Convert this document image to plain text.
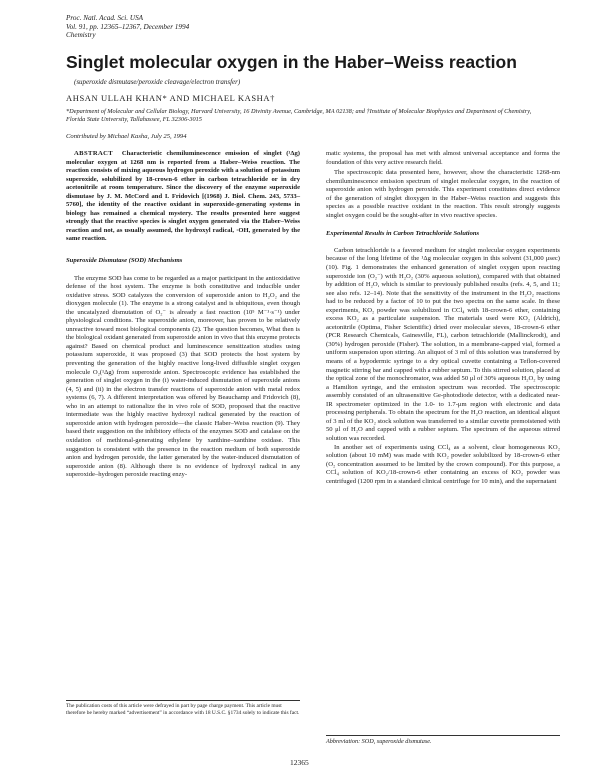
Proc. Natl. Acad. Sci. USA
Vol. 91, pp. 12365–12367, December 1994
Chemistry
Singlet molecular oxygen in the Haber–Weiss reaction
(superoxide dismutase/peroxide cleavage/electron transfer)
AHSAN ULLAH KHAN* AND MICHAEL KASHA†
*Department of Molecular and Cellular Biology, Harvard University, 16 Divinity Avenue, Cambridge, MA 02138; and †Institute of Molecular Biophysics and Department of Chemistry, Florida State University, Tallahassee, FL 32306-3015
Contributed by Michael Kasha, July 25, 1994

ABSTRACT Characteristic chemiluminescence emission of singlet (¹Δg) molecular oxygen at 1268 nm is reported from a Haber–Weiss reaction. The reaction consists of mixing aqueous hydrogen peroxide with a solution of potassium superoxide, solubilized by 18-crown-6 ether in carbon tetrachloride or in dry acetonitrile at room temperature. Since the discovery of the enzyme superoxide dismutase by J. M. McCord and I. Fridovich [(1968) J. Biol. Chem. 243, 5733–5760], the identity of the reactive oxidant in superoxide-generating systems in biology has remained a chemical mystery. The results presented here suggest strongly that the reactive species is singlet oxygen generated via the Haber–Weiss reaction and not, as usually assumed, the hydroxyl radical, ·OH, generated by the same reaction.

Superoxide Dismutase (SOD) Mechanisms

The enzyme SOD has come to be regarded as a major participant in the antioxidative defense of the host system. The enzyme is both constitutive and inducible under oxidative stress. SOD catalyzes the conversion of superoxide anion to H₂O₂ and the dioxygen molecule (1). The enzyme is a strong catalyst and is ubiquitous, even though the uncatalyzed dismutation of O₂⁻ is already a fast reaction (10⁵ M⁻¹·s⁻¹) under physiological conditions. The superoxide anion, moreover, has proven to be relatively unreactive toward most biological components (2). The question becomes, What then is the biological oxidant generated from superoxide anion in vivo that this enzyme protects against? Based on chemical product and luminescence sensitization studies using potassium superoxide, it was proposed (3) that SOD protects the host system by preventing the generation of the highly reactive long-lived diffusible singlet oxygen molecule O₂(¹Δg) from superoxide anion. Spectroscopic evidence has established the generation of singlet oxygen in the (i) water-induced dismutation of superoxide anions (4, 5) and (ii) in the electron transfer reactions of superoxide anion with metal redox systems (6, 7). A different interpretation was offered by Beauchamp and Fridovich (8), who in an attempt to rationalize the in vivo role of SOD, proposed that the reactive intermediate was the highly reactive hydroxyl radical generated by the reaction of superoxide anion with hydrogen peroxide—the classic Haber–Weiss reaction (9). They based their suggestion on the inhibitory effects of the enzymes SOD and catalase on the oxidation of methional-generating ethylene by xanthine–xanthine oxidase. This suggestion is consistent with the presence in the reaction medium of both superoxide anion and hydrogen peroxide, the latter generated by the water-induced dismutation of superoxide anion (8). Although there is no evidence of hydroxyl radical in any superoxide–hydrogen peroxide reacting enzy-

matic systems, the proposal has met with almost universal acceptance and forms the foundation of this very active research field.

The spectroscopic data presented here, however, show the characteristic 1268-nm chemiluminescence emission spectrum of singlet molecular oxygen, in the reaction of superoxide anion with hydrogen peroxide. This experiment constitutes direct evidence of the generation of singlet dioxygen in the Haber–Weiss reaction and suggests this species as a possible reactive oxidant in the reaction. This result strongly suggests singlet oxygen could be the sought-after in vivo reactive species.

Experimental Results in Carbon Tetrachloride Solutions

Carbon tetrachloride is a favored medium for singlet molecular oxygen experiments because of the long lifetime of the ¹Δg molecular oxygen in this solvent (31,000 μsec) (10). Fig. 1 demonstrates the enhanced generation of singlet oxygen upon reacting superoxide ion (O₂⁻) with H₂O₂ (30% aqueous solution), compared with that obtained by addition of H₂O, which is similar to previously published results (refs. 4, 5, and 11; see also refs. 12–14). Note that the sensitivity of the instrument in the H₂O₂ reactions had to be reduced by a factor of 10 to put the two spectra on the same scale. In these experiments, KO₂ powder was solubilized in CCl₄ with 18-crown-6 ether, containing excess KO₂ as a particulate suspension. The materials used were KO₂ (Aldrich), acetonitrile (Optima, Fisher Scientific) dried over molecular sieves, 18-crown-6 ether (PCR Research Chemicals, Gainesville, FL), carbon tetrachloride (Mallinckrodt), and (30%) hydrogen peroxide (Fisher). The solution, in a membrane-capped vial, formed a uniform suspension upon stirring. An aliquot of 3 ml of this solution was transferred by means of a hypodermic syringe to a dry optical cuvette containing a Teflon-covered magnetic stirring bar and capped with a rubber septum. To this stirred solution, placed at the optical zone of the monochromator, was added 50 μl of 30% aqueous H₂O₂ by using a Hamilton syringe, and the emission spectrum was recorded. The spectroscopic assembly consisted of an ultrasensitive Ge-photodiode detector, with a dedicated near-IR spectrometer optimized in the 1.0- to 1.7-μm region with electronic and data processing peripherals. To obtain the spectrum for the H₂O reaction, an identical aliquot of 3 ml of the KO₂ stock solution was transferred to a similar cuvette premoistened with 50 μl of H₂O and capped with a rubber septum. The spectrum of the aqueous stirred solution was recorded.

In another set of experiments using CCl₄ as a solvent, clear homogeneous KO₂ solution (about 10 mM) was made with KO₂ powder solubilized by 18-crown-6 ether (O₂ concentration assumed to be limited by the crown compound). For this purpose, a CCl₄ solution of KO₂/18-crown-6 ether containing an excess of KO₂ powder was centrifuged (1200 rpm in a standard clinical centrifuge for 10 min), and the supernatant

The publication costs of this article were defrayed in part by page charge payment. This article must therefore be hereby marked “advertisement” in accordance with 18 U.S.C. §1734 solely to indicate this fact.
Abbreviation: SOD, superoxide dismutase.
12365
